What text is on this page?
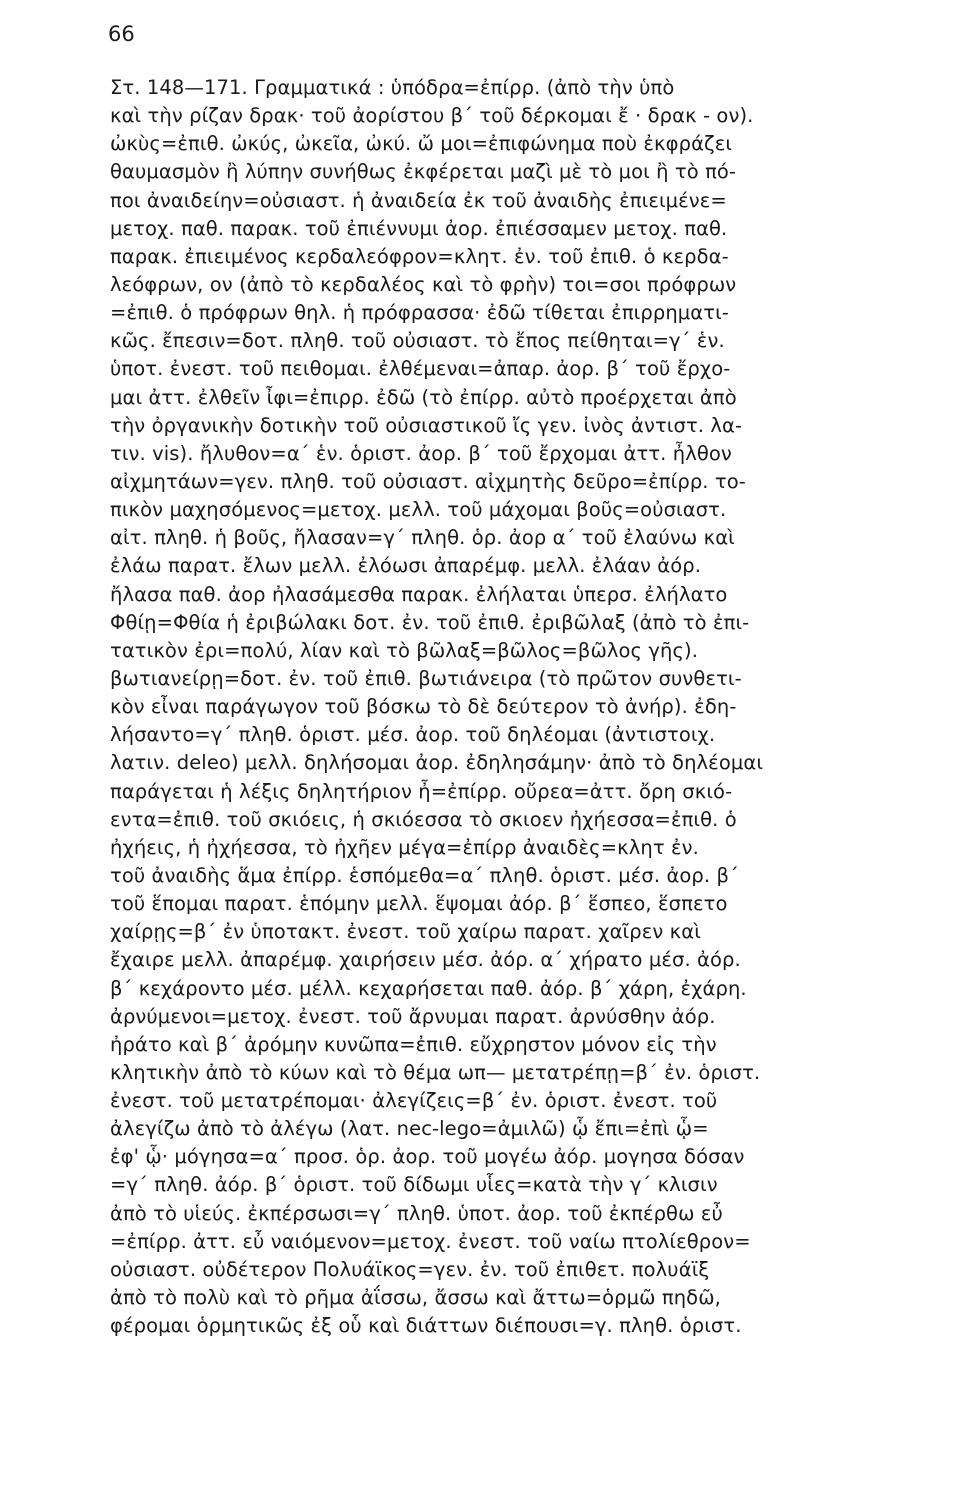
66
Στ. 148—171. Γραμματικά : ὑπόδρα=ἐπίρρ. (ἀπὸ τὴν ὑπὸ
καὶ τὴν ρίζαν δρακ· τοῦ ἀορίστου β΄ τοῦ δέρκομαι ἔ · δρακ - ον).
ὠκὺς=ἐπιθ. ὠκύς, ὠκεῖα, ὠκύ. ὤ μοι=ἐπιφώνημα ποὺ ἐκφράζει
θαυμασμὸν ἢ λύπην συνήθως ἐκφέρεται μαζὶ μὲ τὸ μοι ἢ τὸ πό-
ποι ἀναιδείην=οὐσιαστ. ἡ ἀναιδεία ἐκ τοῦ ἀναιδὴς ἐπιειμένε=
μετοχ. παθ. παρακ. τοῦ ἐπιέννυμι ἀορ. ἐπιέσσαμεν μετοχ. παθ.
παρακ. ἐπιειμένος κερδαλεόφρον=κλητ. ἐν. τοῦ ἐπιθ. ὁ κερδα-
λεόφρων, ον (ἀπὸ τὸ κερδαλέος καὶ τὸ φρὴν) τοι=σοι πρόφρων
=ἐπιθ. ὁ πρόφρων θηλ. ἡ πρόφρασσα· ἐδῶ τίθεται ἐπιρρηματι-
κῶς. ἔπεσιν=δοτ. πληθ. τοῦ οὐσιαστ. τὸ ἔπος πείθηται=γ΄ ἑν.
ὑποτ. ἐνεστ. τοῦ πειθομαι. ἐλθέμεναι=ἀπαρ. ἀορ. β΄ τοῦ ἔρχο-
μαι ἀττ. ἐλθεῖν ἶφι=ἐπιρρ. ἐδῶ (τὸ ἐπίρρ. αὐτὸ προέρχεται ἀπὸ
τὴν ὀργανικὴν δοτικὴν τοῦ οὐσιαστικοῦ ἴς γεν. ἰνὸς ἀντιστ. λα-
τιν. vis). ἤλυθον=α΄ ἑν. ὁριστ. ἀορ. β΄ τοῦ ἔρχομαι ἀττ. ἦλθον
αἰχμητάων=γεν. πληθ. τοῦ οὐσιαστ. αἰχμητὴς δεῦρο=ἐπίρρ. το-
πικὸν μαχησόμενος=μετοχ. μελλ. τοῦ μάχομαι βοῦς=οὐσιαστ.
αἰτ. πληθ. ἡ βοῦς, ἤλασαν=γ΄ πληθ. ὁρ. ἀορ α΄ τοῦ ἐλαύνω καὶ
ἐλάω παρατ. ἔλων μελλ. ἐλόωσι ἀπαρέμφ. μελλ. ἐλάαν ἀόρ.
ἤλασα παθ. ἀορ ἠλασάμεσθα παρακ. ἐλήλαται ὑπερσ. ἐλήλατο
Φθίῃ=Φθία ἡ ἐριβώλακι δοτ. ἐν. τοῦ ἐπιθ. ἐριβῶλαξ (ἀπὸ τὸ ἐπι-
τατικὸν ἐρι=πολύ, λίαν καὶ τὸ βῶλαξ=βῶλος=βῶλος γῆς).
βωτιανείρῃ=δοτ. ἐν. τοῦ ἐπιθ. βωτιάνειρα (τὸ πρῶτον συνθετι-
κὸν εἶναι παράγωγον τοῦ βόσκω τὸ δὲ δεύτερον τὸ ἀνήρ). ἐδη-
λήσαντο=γ΄ πληθ. ὁριστ. μέσ. ἀορ. τοῦ δηλέομαι (ἀντιστοιχ.
λατιν. deleo) μελλ. δηλήσομαι ἀορ. ἐδηλησάμην· ἀπὸ τὸ δηλέομαι
παράγεται ἡ λέξις δηλητήριον ἦ=ἐπίρρ. οὔρεα=ἀττ. ὄρη σκιό-
εντα=ἐπιθ. τοῦ σκιόεις, ἡ σκιόεσσα τὸ σκιοεν ἠχήεσσα=ἐπιθ. ὁ
ἠχήεις, ἡ ἠχήεσσα, τὸ ἠχῆεν μέγα=ἐπίρρ ἀναιδὲς=κλητ ἐν.
τοῦ ἀναιδὴς ἅμα ἐπίρρ. ἑσπόμεθα=α΄ πληθ. ὁριστ. μέσ. ἀορ. β΄
τοῦ ἕπομαι παρατ. ἑπόμην μελλ. ἕψομαι ἀόρ. β΄ ἕσπεο, ἕσπετο
χαίρῃς=β΄ ἐν ὑποτακτ. ἐνεστ. τοῦ χαίρω παρατ. χαῖρεν καὶ
ἔχαιρε μελλ. ἀπαρέμφ. χαιρήσειν μέσ. ἀόρ. α΄ χήρατο μέσ. ἀόρ.
β΄ κεχάροντο μέσ. μέλλ. κεχαρήσεται παθ. ἀόρ. β΄ χάρη, ἐχάρη.
ἀρνύμενοι=μετοχ. ἐνεστ. τοῦ ἄρνυμαι παρατ. ἀρνύσθην ἀόρ.
ἠράτο καὶ β΄ ἀρόμην κυνῶπα=ἐπιθ. εὔχρηστον μόνον εἰς τὴν
κλητικὴν ἀπὸ τὸ κύων καὶ τὸ θέμα ωπ— μετατρέπῃ=β΄ ἐν. ὁριστ.
ἐνεστ. τοῦ μετατρέπομαι· ἀλεγίζεις=β΄ ἐν. ὁριστ. ἐνεστ. τοῦ
ἀλεγίζω ἀπὸ τὸ ἀλέγω (λατ. nec-lego=ἀμιλῶ) ᾧ ἔπι=ἐπὶ ᾧ=
ἐφ' ᾧ· μόγησα=α΄ προσ. ὁρ. ἀορ. τοῦ μογέω ἀόρ. μογησα δόσαν
=γ΄ πληθ. ἀόρ. β΄ ὁριστ. τοῦ δίδωμι υἷες=κατὰ τὴν γ΄ κλισιν
ἀπὸ τὸ υἱεύς. ἐκπέρσωσι=γ΄ πληθ. ὑποτ. ἀορ. τοῦ ἐκπέρθω εὖ
=ἐπίρρ. ἀττ. εὖ ναιόμενον=μετοχ. ἐνεστ. τοῦ ναίω πτολίεθρον=
οὐσιαστ. οὐδέτερον Πολυάϊκος=γεν. ἐν. τοῦ ἐπιθετ. πολυάϊξ
ἀπὸ τὸ πολὺ καὶ τὸ ρῆμα ἀΐσσω, ἄσσω καὶ ἄττω=ὁρμῶ πηδῶ,
φέρομαι ὁρμητικῶς ἐξ οὗ καὶ διάττων διέπουσι=γ. πληθ. ὁριστ.
